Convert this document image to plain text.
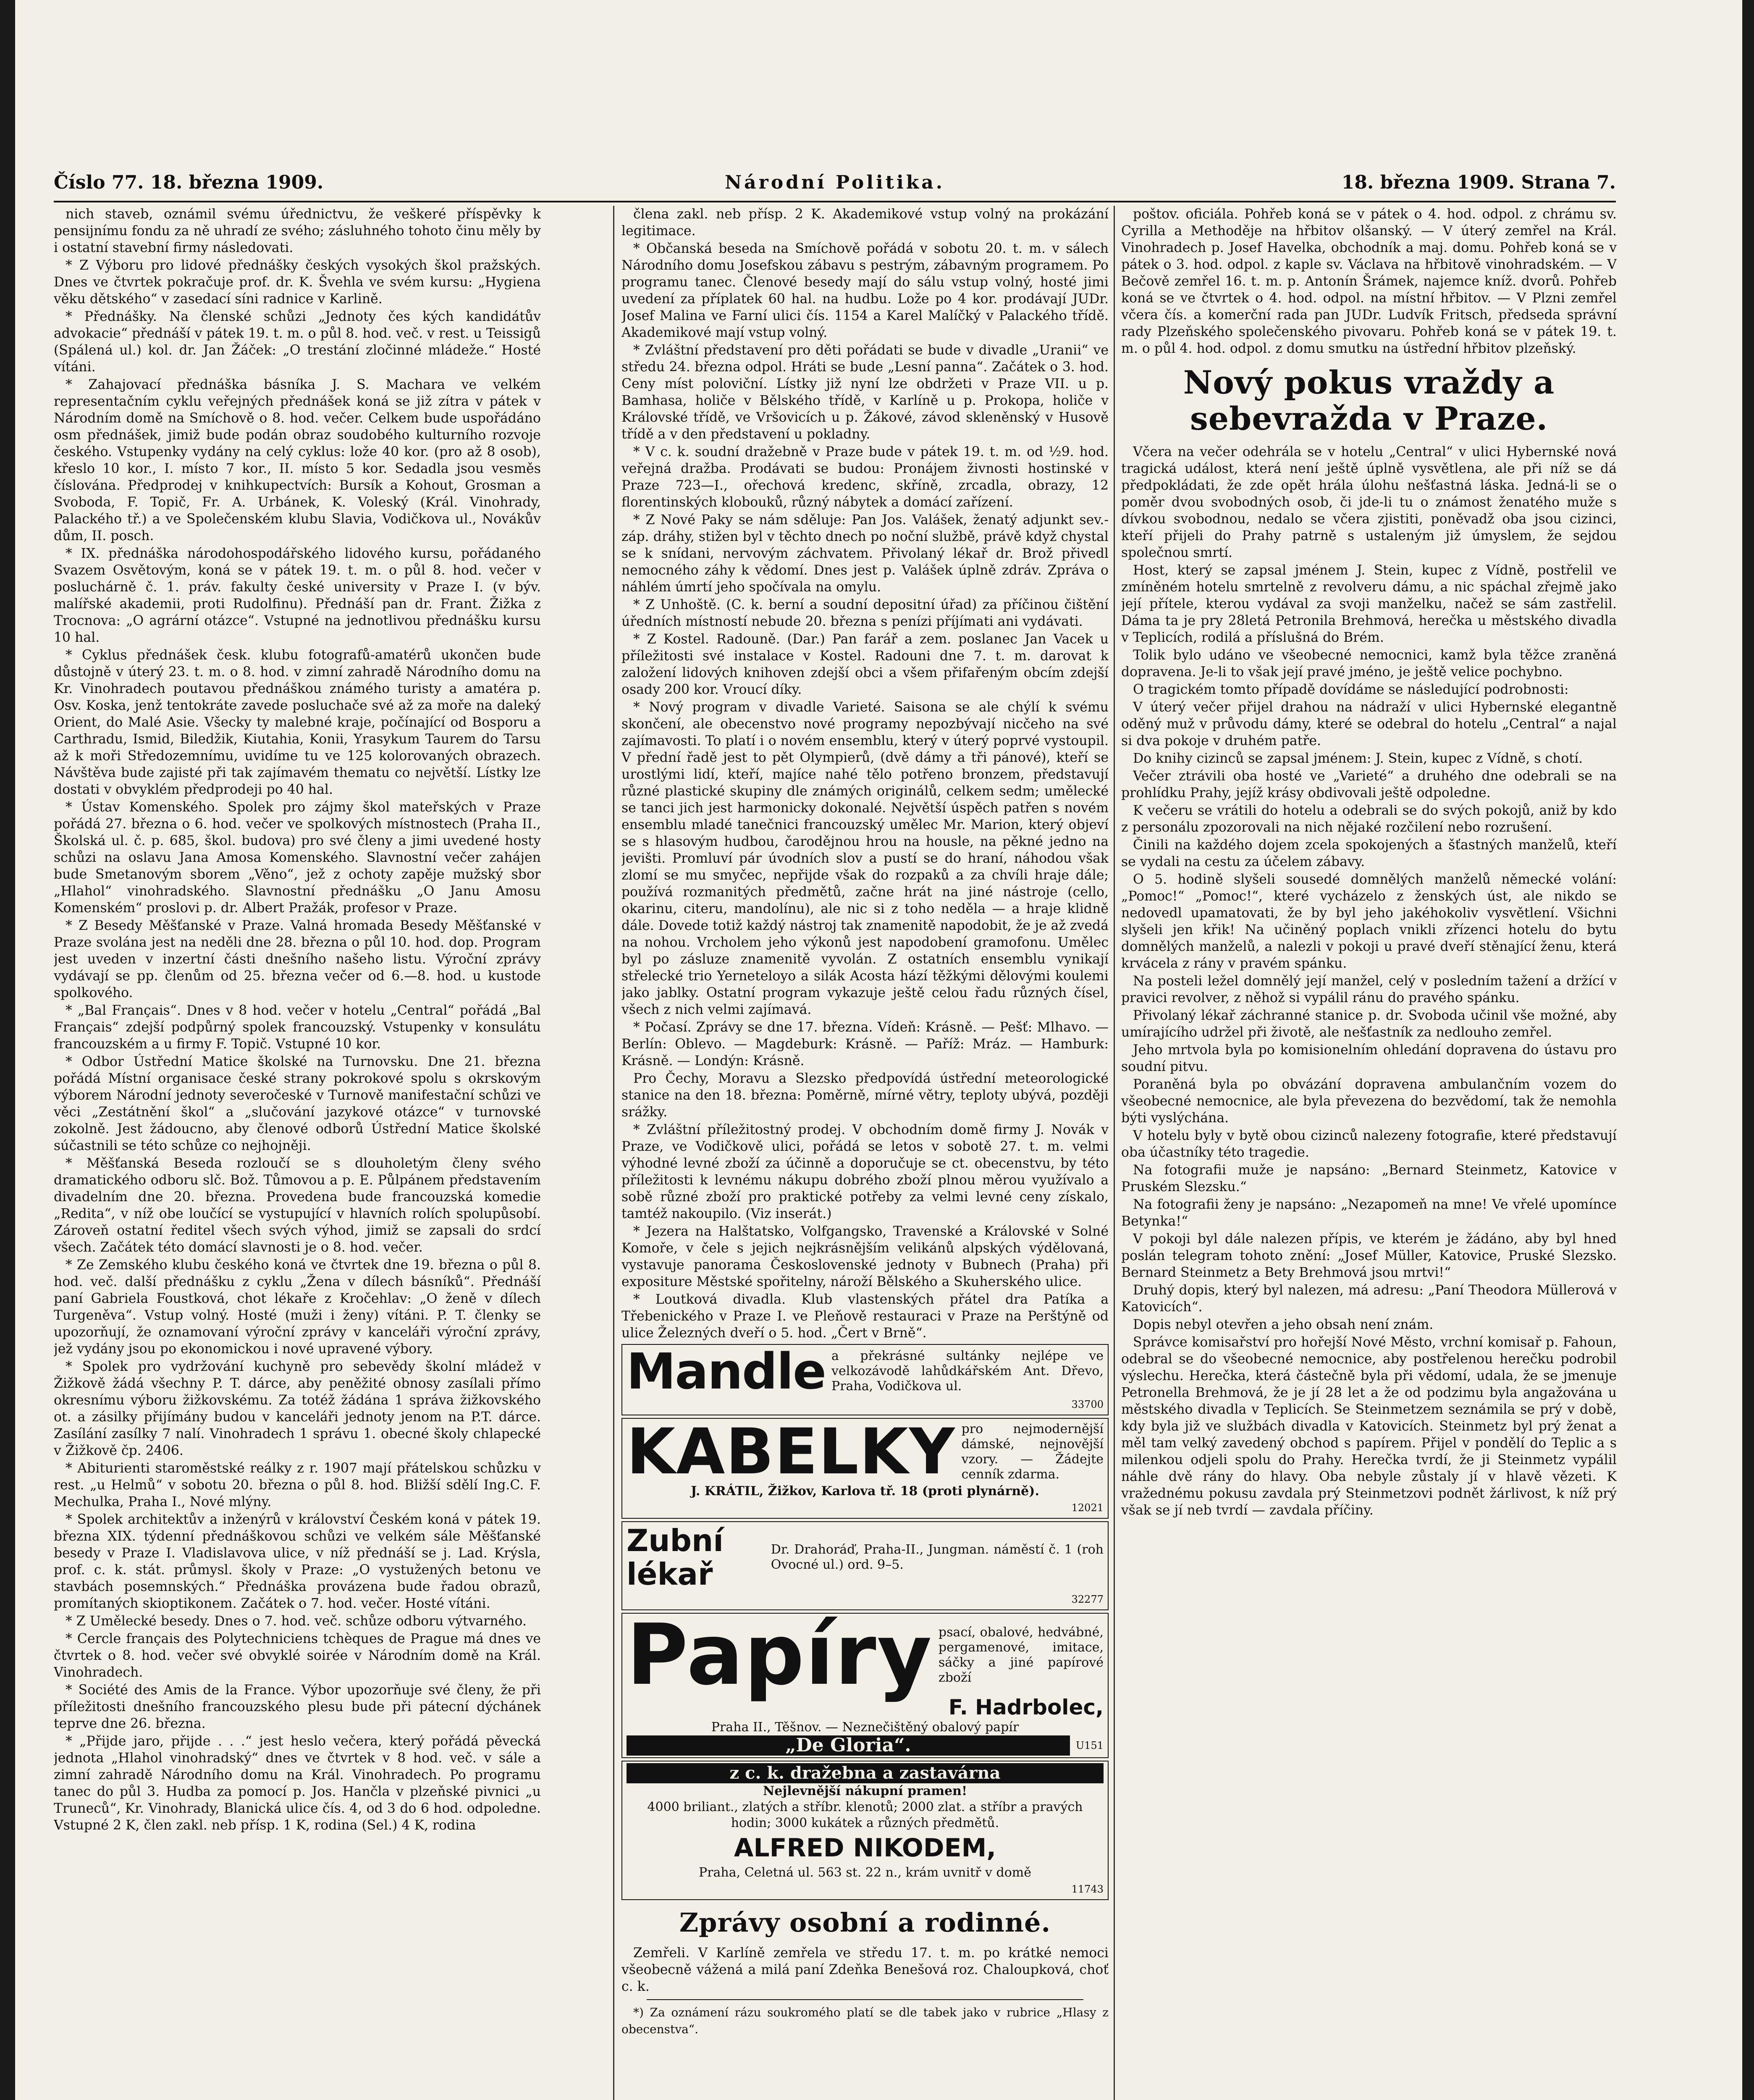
Číslo 77. 18. března 1909.	Národní Politika.	18. března 1909. Strana 7.

nich staveb, oznámil svému úřednictvu, že veškeré příspěvky k pensijnímu fondu za ně uhradí ze svého; zásluhného tohoto činu měly by i ostatní stavební firmy následovati.

* Z Výboru pro lidové přednášky českých vysokých škol pražských. Dnes ve čtvrtek pokračuje prof. dr. K. Švehla ve svém kursu: „Hygiena věku dětského“ v zasedací síni radnice v Karlině.

* Přednášky. Na členské schůzi „Jednoty čes kých kandidátův advokacie“ přednáší v pátek 19. t. m. o půl 8. hod. več. v rest. u Teissigů (Spálená ul.) kol. dr. Jan Žáček: „O trestání zločinné mládeže.“ Hosté vítáni.

* Zahajovací přednáška básníka J. S. Machara ve velkém representačním cyklu veřejných přednášek koná se již zítra v pátek v Národním domě na Smíchově o 8. hod. večer. Celkem bude uspořádáno osm přednášek, jimiž bude podán obraz soudobého kulturního rozvoje českého. Vstupenky vydány na celý cyklus: lože 40 kor. (pro až 8 osob), křeslo 10 kor., I. místo 7 kor., II. místo 5 kor. Sedadla jsou vesměs číslována. Předprodej v knihkupectvích: Bursík a Kohout, Grosman a Svoboda, F. Topič, Fr. A. Urbánek, K. Voleský (Král. Vinohrady, Palackého tř.) a ve Společenském klubu Slavia, Vodičkova ul., Novákův dům, II. posch.

* IX. přednáška národohospodářského lidového kursu, pořádaného Svazem Osvětovým, koná se v pátek 19. t. m. o půl 8. hod. večer v posluchárně č. 1. práv. fakulty české university v Praze I. (v býv. malířské akademii, proti Rudolfinu). Přednáší pan dr. Frant. Žižka z Trocnova: „O agrární otázce“. Vstupné na jednotlivou přednášku kursu 10 hal.

* Cyklus přednášek česk. klubu fotografů-amatérů ukončen bude důstojně v úterý 23. t. m. o 8. hod. v zimní zahradě Národního domu na Kr. Vinohradech poutavou přednáškou známého turisty a amatéra p. Osv. Koska, jenž tentokráte zavede posluchače své až za moře na daleký Orient, do Malé Asie. Všecky ty malebné kraje, počínající od Bosporu a Carthradu, Ismid, Biledžik, Kiutahia, Konii, Yrasykum Taurem do Tarsu až k moři Středozemnímu, uvidíme tu ve 125 kolorovaných obrazech. Návštěva bude zajisté při tak zajímavém thematu co největší. Lístky lze dostati v obvyklém předprodeji po 40 hal.

* Ústav Komenského. Spolek pro zájmy škol mateřských v Praze pořádá 27. března o 6. hod. večer ve spolkových místnostech (Praha II., Školská ul. č. p. 685, škol. budova) pro své členy a jimi uvedené hosty schůzi na oslavu Jana Amosa Komenského. Slavnostní večer zahájen bude Smetanovým sborem „Věno“, jež z ochoty zapěje mužský sbor „Hlahol“ vinohradského. Slavnostní přednášku „O Janu Amosu Komenském“ proslovi p. dr. Albert Pražák, profesor v Praze.

* Z Besedy Měšťanské v Praze. Valná hromada Besedy Měšťanské v Praze svolána jest na neděli dne 28. března o půl 10. hod. dop. Program jest uveden v inzertní části dnešního našeho listu. Výroční zprávy vydávají se pp. členům od 25. března večer od 6.—8. hod. u kustode spolkového.

* „Bal Français“. Dnes v 8 hod. večer v hotelu „Central“ pořádá „Bal Français“ zdejší podpůrný spolek francouzský. Vstupenky v konsulátu francouzském a u firmy F. Topič. Vstupné 10 kor.

* Odbor Ústřední Matice školské na Turnovsku. Dne 21. března pořádá Místní organisace české strany pokrokové spolu s okrskovým výborem Národní jednoty severočeské v Turnově manifestační schůzi ve věci „Zestátnění škol“ a „slučování jazykové otázce“ v turnovské zokolně. Jest žádoucno, aby členové odborů Ústřední Matice školské súčastnili se této schůze co nejhojněji.

* Měšťanská Beseda rozloučí se s dlouholetým členy svého dramatického odboru slč. Bož. Tůmovou a p. E. Půlpánem představením divadelním dne 20. března. Provedena bude francouzská komedie „Redita“, v níž obe loučící se vystupující v hlavních rolích spolupůsobí. Zároveň ostatní ředitel všech svých výhod, jimiž se zapsali do srdcí všech. Začátek této domácí slavnosti je o 8. hod. večer.

* Ze Zemského klubu českého koná ve čtvrtek dne 19. března o půl 8. hod. več. další přednášku z cyklu „Žena v dílech básníků“. Přednáší paní Gabriela Foustková, chot lékaře z Kročehlav: „O ženě v dílech Turgeněva“. Vstup volný. Hosté (muži i ženy) vítáni. P. T. členky se upozorňují, že oznamovaní výroční zprávy v kanceláři výroční zprávy, jež vydány jsou po ekonomickou i nové upravené výbory.

* Spolek pro vydržování kuchyně pro sebevědy školní mládež v Žižkově žádá všechny P. T. dárce, aby peněžité obnosy zasílali přímo okresnímu výboru žižkovskému. Za totéž žádána 1 správa žižkovského ot. a zásilky přijímány budou v kanceláři jednoty jenom na P.T. dárce. Zasílání zasílky 7 nalí. Vinohradech 1 správu 1. obecné školy chlapecké v Žižkově čp. 2406.

* Abiturienti staroměstské reálky z r. 1907 mají přátelskou schůzku v rest. „u Helmů“ v sobotu 20. března o půl 8. hod. Bližší sdělí Ing.C. F. Mechulka, Praha I., Nové mlýny.

* Spolek architektův a inženýrů v království Českém koná v pátek 19. března XIX. týdenní přednáškovou schůzi ve velkém sále Měšťanské besedy v Praze I. Vladislavova ulice, v níž přednáší se j. Lad. Krýsla, prof. c. k. stát. průmysl. školy v Praze: „O vystužených betonu ve stavbách posemnských.“ Přednáška provázena bude řadou obrazů, promítaných skioptikonem. Začátek o 7. hod. večer. Hosté vítáni.

* Z Umělecké besedy. Dnes o 7. hod. več. schůze odboru výtvarného.

* Cercle français des Polytechniciens tchèques de Prague má dnes ve čtvrtek o 8. hod. večer své obvyklé soirée v Národním domě na Král. Vinohradech.

* Société des Amis de la France. Výbor upozorňuje své členy, že při příležitosti dnešního francouzského plesu bude při pátecní dýchánek teprve dne 26. března.

* „Přijde jaro, přijde . . .“ jest heslo večera, který pořádá pěvecká jednota „Hlahol vinohradský“ dnes ve čtvrtek v 8 hod. več. v sále a zimní zahradě Národního domu na Král. Vinohradech. Po programu tanec do půl 3. Hudba za pomocí p. Jos. Hančla v plzeňské pivnici „u Truneců“, Kr. Vinohrady, Blanická ulice čís. 4, od 3 do 6 hod. odpoledne. Vstupné 2 K, člen zakl. neb přísp. 1 K, rodina (Sel.) 4 K, rodina

člena zakl. neb přísp. 2 K. Akademikové vstup volný na prokázání legitimace.

* Občanská beseda na Smíchově pořádá v sobotu 20. t. m. v sálech Národního domu Josefskou zábavu s pestrým, zábavným programem. Po programu tanec. Členové besedy mají do sálu vstup volný, hosté jimi uvedení za příplatek 60 hal. na hudbu. Lože po 4 kor. prodávají JUDr. Josef Malina ve Farní ulici čís. 1154 a Karel Malíčký v Palackého třídě. Akademikové mají vstup volný.

* Zvláštní představení pro děti pořádati se bude v divadle „Uranii“ ve středu 24. března odpol. Hráti se bude „Lesní panna“. Začátek o 3. hod. Ceny míst poloviční. Lístky již nyní lze obdržeti v Praze VII. u p. Bamhasa, holiče v Bělského třídě, v Karlíně u p. Prokopa, holiče v Královské třídě, ve Vršovicích u p. Žákové, závod skleněnský v Husově třídě a v den představení u pokladny.

* V c. k. soudní dražebně v Praze bude v pátek 19. t. m. od ½9. hod. veřejná dražba. Prodávati se budou: Pronájem živnosti hostinské v Praze 723—I., ořechová kredenc, skříně, zrcadla, obrazy, 12 florentinských klobouků, různý nábytek a domácí zařízení.

* Z Nové Paky se nám sděluje: Pan Jos. Valášek, ženatý adjunkt sev.-záp. dráhy, stižen byl v těchto dnech po noční službě, právě když chystal se k snídani, nervovým záchvatem. Přivolaný lékař dr. Brož přivedl nemocného záhy k vědomí. Dnes jest p. Valášek úplně zdráv. Zpráva o náhlém úmrtí jeho spočívala na omylu.

* Z Unhoště. (C. k. berní a soudní depositní úřad) za příčinou čištění úředních místností nebude 20. března s penízi příjímati ani vydávati.

* Z Kostel. Radouně. (Dar.) Pan farář a zem. poslanec Jan Vacek u příležitosti své instalace v Kostel. Radouni dne 7. t. m. darovat k založení lidových knihoven zdejší obci a všem přifařeným obcím zdejší osady 200 kor. Vroucí díky.

* Nový program v divadle Varieté. Saisona se ale chýlí k svému skončení, ale obecenstvo nové programy nepozbývají nicčeho na své zajímavosti. To platí i o novém ensemblu, který v úterý poprvé vystoupil. V přední řadě jest to pět Olympierů, (dvě dámy a tři pánové), kteří se urostlými lidí, kteří, majíce nahé tělo potřeno bronzem, představují různé plastické skupiny dle známých originálů, celkem sedm; umělecké se tanci jich jest harmonicky dokonalé. Největší úspěch patřen s novém ensemblu mladé tanečnici francouzský umělec Mr. Marion, který objeví se s hlasovým hudbou, čarodějnou hrou na housle, na pěkné jedno na jevišti. Promluví pár úvodních slov a pustí se do hraní, náhodou však zlomí se mu smyčec, nepřijde však do rozpaků a za chvíli hraje dále; používá rozmanitých předmětů, začne hrát na jiné nástroje (cello, okarinu, citeru, mandolínu), ale nic si z toho neděla — a hraje klidně dále. Dovede totiž každý nástroj tak znamenitě napodobit, že je až zvedá na nohou. Vrcholem jeho výkonů jest napodobení gramofonu. Umělec byl po zásluze znamenitě vyvolán. Z ostatních ensemblu vynikají střelecké trio Yerneteloyo a silák Acosta hází těžkými dělovými koulemi jako jablky. Ostatní program vykazuje ještě celou řadu různých čísel, všech z nich velmi zajímavá.

* Počasí. Zprávy se dne 17. března. Vídeň: Krásně. — Pešť: Mlhavo. — Berlín: Oblevo. — Magdeburk: Krásně. — Paříž: Mráz. — Hamburk: Krásně. — Londýn: Krásně.

Pro Čechy, Moravu a Slezsko předpovídá ústřední meteorologické stanice na den 18. března: Poměrně, mírné větry, teploty ubývá, později srážky.

* Zvláštní příležitostný prodej. V obchodním domě firmy J. Novák v Praze, ve Vodičkově ulici, pořádá se letos v sobotě 27. t. m. velmi výhodné levné zboží za účinně a doporučuje se ct. obecenstvu, by této příležitosti k levnému nákupu dobrého zboží plnou měrou využívalo a sobě různé zboží pro praktické potřeby za velmi levné ceny získalo, tamtéž nakoupilo. (Viz inserát.)

* Jezera na Halštatsko, Volfgangsko, Travenské a Královské v Solné Komoře, v čele s jejich nejkrásnějším velikánů alpských výdělovaná, vystavuje panorama Československé jednoty v Bubnech (Praha) při expositure Městské spořitelny, nároží Bělského a Skuherského ulice.

* Loutková divadla. Klub vlastenských přátel dra Patíka a Třebenického v Praze I. ve Pleňově restauraci v Praze na Perštýně od ulice Železných dveří o 5. hod. „Čert v Brně“.

Mandle a překrásné sultánky nejlépe ve velkozávodě lahůdkářském Ant. Dřevo, Praha, Vodičkova ul.
33700
KABELKY pro nejmodernější dámské, nejnovější vzory. — Žádejte cenník zdarma.
J. KRÁTIL, Žižkov, Karlova tř. 18 (proti plynárně).
12021
Zubní lékař
Dr. Drahoráď, Praha-II., Jungman. náměstí č. 1 (roh Ovocné ul.) ord. 9–5.
32277
Papíry psací, obalové, hedvábné, pergamenové, imitace, sáčky a jiné papírové zboží
F. Hadrbolec,
Praha II., Těšnov. — Neznečištěný obalový papír
„De Gloria“.	U151
z c. k. dražebna a zastavárna
Nejlevnější nákupní pramen!
4000 briliant., zlatých a stříbr. klenotů; 2000 zlat. a stříbr a pravých hodin; 3000 kukátek a různých předmětů.
ALFRED NIKODEM,
Praha, Celetná ul. 563 st. 22 n., krám uvnitř v domě
11743
Zprávy osobní a rodinné.

Zemřeli. V Karlíně zemřela ve středu 17. t. m. po krátké nemoci všeobecně vážená a milá paní Zdeňka Benešová roz. Chaloupková, choť c. k.

*) Za oznámení rázu soukromého platí se dle tabek jako v rubrice „Hlasy z obecenstva“.

poštov. oficiála. Pohřeb koná se v pátek o 4. hod. odpol. z chrámu sv. Cyrilla a Methoděje na hřbitov olšanský. — V úterý zemřel na Král. Vinohradech p. Josef Havelka, obchodník a maj. domu. Pohřeb koná se v pátek o 3. hod. odpol. z kaple sv. Václava na hřbitově vinohradském. — V Bečově zemřel 16. t. m. p. Antonín Šrámek, najemce kníž. dvorů. Pohřeb koná se ve čtvrtek o 4. hod. odpol. na místní hřbitov. — V Plzni zemřel včera čís. a komerční rada pan JUDr. Ludvík Fritsch, předseda správní rady Plzeňského společenského pivovaru. Pohřeb koná se v pátek 19. t. m. o půl 4. hod. odpol. z domu smutku na ústřední hřbitov plzeňský.

Nový pokus vraždy a sebevražda v Praze.

Včera na večer odehrála se v hotelu „Central“ v ulici Hybernské nová tragická událost, která není ještě úplně vysvětlena, ale při níž se dá předpokládati, že zde opět hrála úlohu nešťastná láska. Jedná-li se o poměr dvou svobodných osob, či jde-li tu o známost ženatého muže s dívkou svobodnou, nedalo se včera zjistiti, poněvadž oba jsou cizinci, kteří přijeli do Prahy patrně s ustaleným již úmyslem, že sejdou společnou smrtí.

Host, který se zapsal jménem J. Stein, kupec z Vídně, postřelil ve zmíněném hotelu smrtelně z revolveru dámu, a nic spáchal zřejmě jako její přítele, kterou vydával za svoji manželku, načež se sám zastřelil. Dáma ta je pry 28letá Petronila Brehmová, herečka u městského divadla v Teplicích, rodilá a příslušná do Brém.

Tolik bylo udáno ve všeobecné nemocnici, kamž byla těžce zraněná dopravena. Je-li to však její pravé jméno, je ještě velice pochybno.

O tragickém tomto případě dovídáme se následující podrobnosti:

V úterý večer přijel drahou na nádraží v ulici Hybernské elegantně oděný muž v průvodu dámy, které se odebral do hotelu „Central“ a najal si dva pokoje v druhém patře.

Do knihy cizinců se zapsal jménem: J. Stein, kupec z Vídně, s chotí.

Večer ztrávili oba hosté ve „Varieté“ a druhého dne odebrali se na prohlídku Prahy, jejíž krásy obdivovali ještě odpoledne.

K večeru se vrátili do hotelu a odebrali se do svých pokojů, aniž by kdo z personálu zpozorovali na nich nějaké rozčilení nebo rozrušení.

Činili na každého dojem zcela spokojených a šťastných manželů, kteří se vydali na cestu za účelem zábavy.

O 5. hodině slyšeli sousedé domnělých manželů německé volání: „Pomoc!“ „Pomoc!“, které vycházelo z ženských úst, ale nikdo se nedovedl upamatovati, že by byl jeho jakéhokoliv vysvětlení. Všichni slyšeli jen křik! Na učiněný poplach vnikli zřízenci hotelu do bytu domnělých manželů, a nalezli v pokoji u pravé dveří stěnající ženu, která krvácela z rány v pravém spánku.

Na posteli ležel domnělý její manžel, celý v posledním tažení a držící v pravici revolver, z něhož si vypálil ránu do pravého spánku.

Přivolaný lékař záchranné stanice p. dr. Svoboda učinil vše možné, aby umírajícího udržel při životě, ale nešťastník za nedlouho zemřel.

Jeho mrtvola byla po komisionelním ohledání dopravena do ústavu pro soudní pitvu.

Poraněná byla po obvázání dopravena ambulančním vozem do všeobecné nemocnice, ale byla převezena do bezvědomí, tak že nemohla býti vyslýchána.

V hotelu byly v bytě obou cizinců nalezeny fotografie, které představují oba účastníky této tragedie.

Na fotografii muže je napsáno: „Bernard Steinmetz, Katovice v Pruském Slezsku.“

Na fotografii ženy je napsáno: „Nezapomeň na mne! Ve vřelé upomínce Betynka!“

V pokoji byl dále nalezen přípis, ve kterém je žádáno, aby byl hned poslán telegram tohoto znění: „Josef Müller, Katovice, Pruské Slezsko. Bernard Steinmetz a Bety Brehmová jsou mrtvi!“

Druhý dopis, který byl nalezen, má adresu: „Paní Theodora Müllerová v Katovicích“.

Dopis nebyl otevřen a jeho obsah není znám.

Správce komisařství pro hořejší Nové Město, vrchní komisař p. Fahoun, odebral se do všeobecné nemocnice, aby postřelenou herečku podrobil výslechu. Herečka, která částečně byla při vědomí, udala, že se jmenuje Petronella Brehmová, že je jí 28 let a že od podzimu byla angažována u městského divadla v Teplicích. Se Steinmetzem seznámila se prý v době, kdy byla již ve službách divadla v Katovicích. Steinmetz byl prý ženat a měl tam velký zavedený obchod s papírem. Přijel v pondělí do Teplic a s milenkou odjeli spolu do Prahy. Herečka tvrdí, že ji Steinmetz vypálil náhle dvě rány do hlavy. Oba nebyle zůstaly jí v hlavě vězeti. K vražednému pokusu zavdala prý Steinmetzovi podnět žárlivost, k níž prý však se jí neb tvrdí — zavdala příčiny.
